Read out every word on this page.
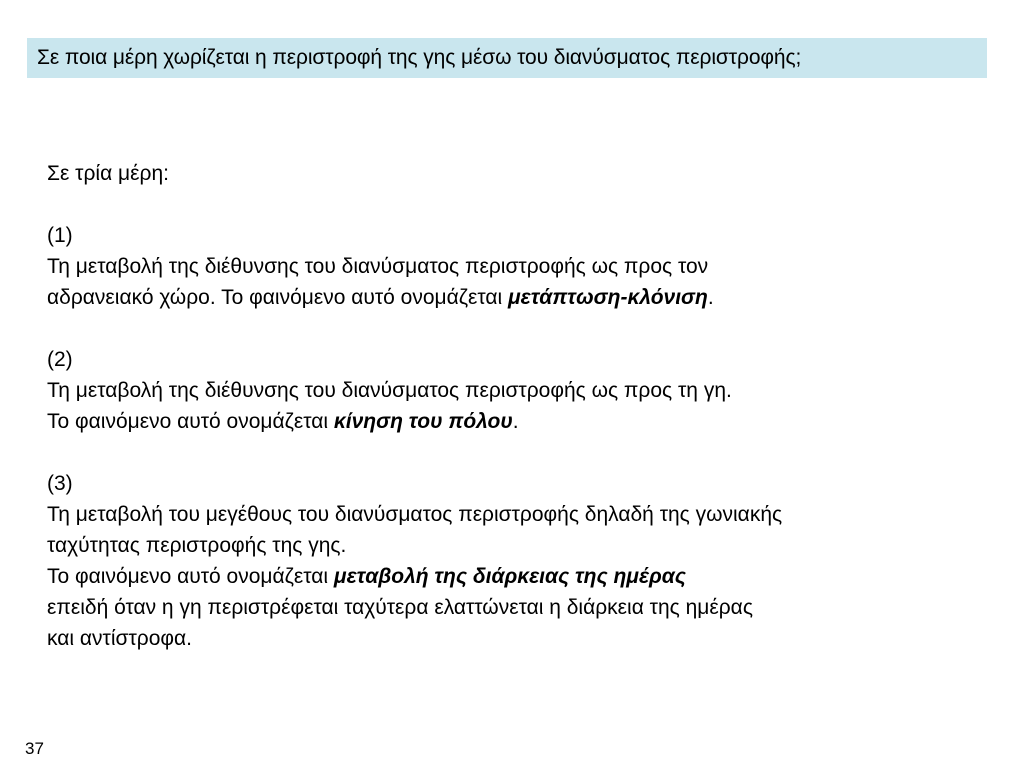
Σε ποια μέρη χωρίζεται η περιστροφή της γης μέσω του διανύσματος περιστροφής;
Σε τρία μέρη:
(1)
Τη μεταβολή της διέθυνσης του διανύσματος περιστροφής ως προς τον
αδρανειακό χώρο. Το φαινόμενο αυτό ονομάζεται μετάπτωση-κλόνιση.
(2)
Τη μεταβολή της διέθυνσης του διανύσματος περιστροφής ως προς τη γη.
Το φαινόμενο αυτό ονομάζεται κίνηση του πόλου.
(3)
Τη μεταβολή του μεγέθους του διανύσματος περιστροφής δηλαδή της γωνιακής
ταχύτητας περιστροφής της γης.
Το φαινόμενο αυτό ονομάζεται μεταβολή της διάρκειας της ημέρας
επειδή όταν η γη περιστρέφεται ταχύτερα ελαττώνεται η διάρκεια της ημέρας
και αντίστροφα.
37
